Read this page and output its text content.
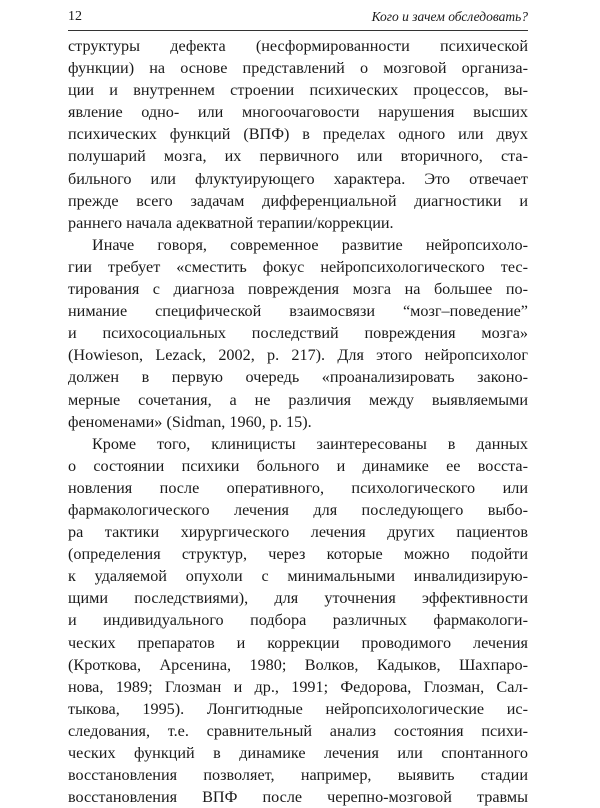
12	Кого и зачем обследовать?
структуры дефекта (несформированности психической
функции) на основе представлений о мозговой организа-
ции и внутреннем строении психических процессов, вы-
явление одно- или многоочаговости нарушения высших
психических функций (ВПФ) в пределах одного или двух
полушарий мозга, их первичного или вторичного, ста-
бильного или флуктуирующего характера. Это отвечает
прежде всего задачам дифференциальной диагностики и
раннего начала адекватной терапии/коррекции.
Иначе говоря, современное развитие нейропсихоло-
гии требует «сместить фокус нейропсихологического тес-
тирования с диагноза повреждения мозга на большее по-
нимание специфической взаимосвязи “мозг–поведение”
и психосоциальных последствий повреждения мозга»
(Howieson, Lezack, 2002, p. 217). Для этого нейропсихолог
должен в первую очередь «проанализировать законо-
мерные сочетания, а не различия между выявляемыми
феноменами» (Sidman, 1960, p. 15).
Кроме того, клиницисты заинтересованы в данных
о состоянии психики больного и динамике ее восста-
новления после оперативного, психологического или
фармакологического лечения для последующего выбо-
ра тактики хирургического лечения других пациентов
(определения структур, через которые можно подойти
к удаляемой опухоли с минимальными инвалидизирую-
щими последствиями), для уточнения эффективности
и индивидуального подбора различных фармакологи-
ческих препаратов и коррекции проводимого лечения
(Кроткова, Арсенина, 1980; Волков, Кадыков, Шахпаро-
нова, 1989; Глозман и др., 1991; Федорова, Глозман, Сал-
тыкова, 1995). Лонгитюдные нейропсихологические ис-
следования, т.е. сравнительный анализ состояния психи-
ческих функций в динамике лечения или спонтанного
восстановления позволяет, например, выявить стадии
восстановления ВПФ после черепно-мозговой травмы
